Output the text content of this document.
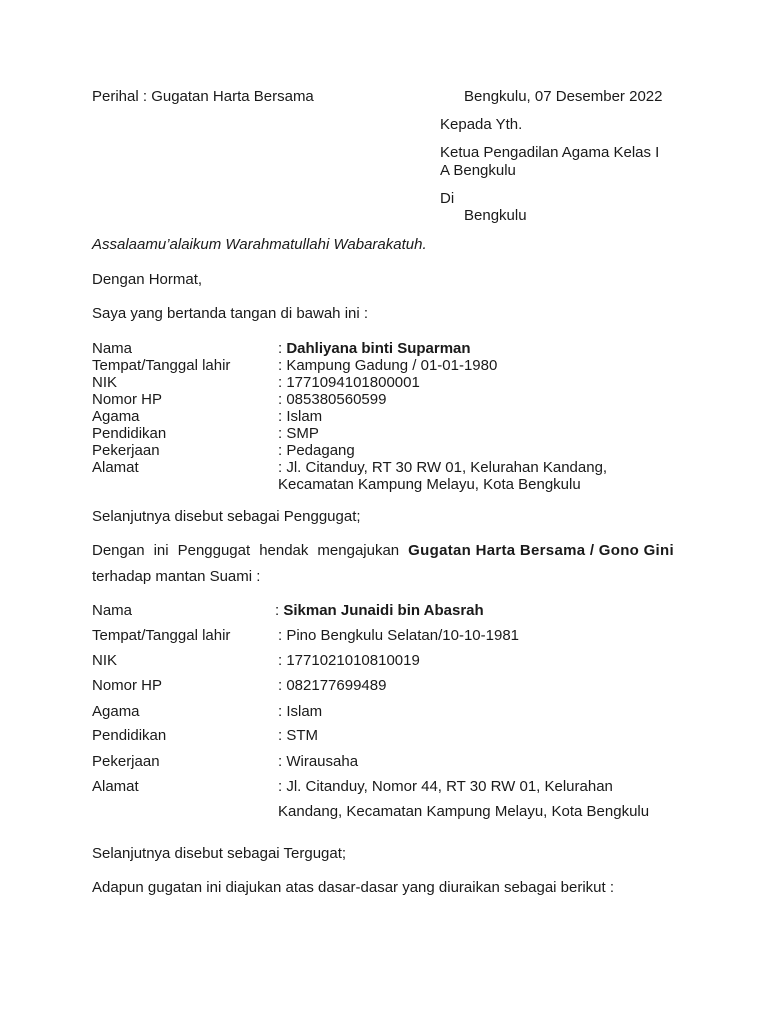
Perihal : Gugatan Harta Bersama	Bengkulu, 07 Desember 2022
Kepada Yth.
Ketua Pengadilan Agama Kelas I
A Bengkulu
Di
Bengkulu
Assalaamu’alaikum Warahmatullahi Wabarakatuh.
Dengan Hormat,
Saya yang bertanda tangan di bawah ini :
Nama	: Dahliyana binti Suparman
Tempat/Tanggal lahir	: Kampung Gadung / 01-01-1980
NIK	: 1771094101800001
Nomor HP	: 085380560599
Agama	: Islam
Pendidikan	: SMP
Pekerjaan	: Pedagang
Alamat	: Jl. Citanduy, RT 30 RW 01, Kelurahan Kandang,
Kecamatan Kampung Melayu, Kota Bengkulu
Selanjutnya disebut sebagai Penggugat;
Dengan ini Penggugat hendak mengajukan Gugatan Harta Bersama / Gono Gini
terhadap mantan Suami :
Nama	: Sikman Junaidi bin Abasrah
Tempat/Tanggal lahir	: Pino Bengkulu Selatan/10-10-1981
NIK	: 1771021010810019
Nomor HP	: 082177699489
Agama	: Islam
Pendidikan	: STM
Pekerjaan	: Wirausaha
Alamat	: Jl. Citanduy, Nomor 44, RT 30 RW 01, Kelurahan
Kandang, Kecamatan Kampung Melayu, Kota Bengkulu
Selanjutnya disebut sebagai Tergugat;
Adapun gugatan ini diajukan atas dasar-dasar yang diuraikan sebagai berikut :
